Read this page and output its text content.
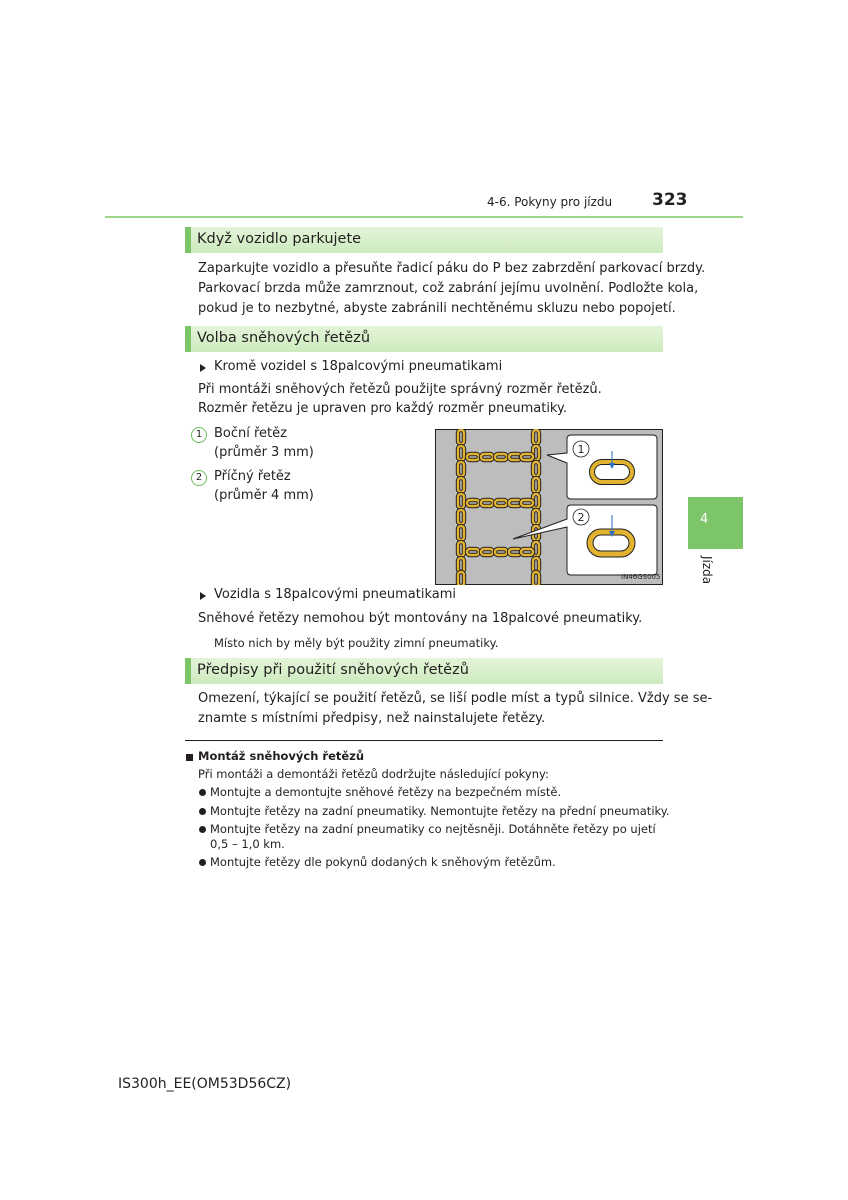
4-6. Pokyny pro jízdu 323
4
Jízda
Když vozidlo parkujete
Zaparkujte vozidlo a přesuňte řadicí páku do P bez zabrzdění parkovací brzdy.
Parkovací brzda může zamrznout, což zabrání jejímu uvolnění. Podložte kola,
pokud je to nezbytné, abyste zabránili nechtěnému skluzu nebo popojetí.
Volba sněhových řetězů
Kromě vozidel s 18palcovými pneumatikami
Při montáži sněhových řetězů použijte správný rozměr řetězů.
Rozměr řetězu je upraven pro každý rozměr pneumatiky.
1 Boční řetěz
(průměr 3 mm)
2 Příčný řetěz
(průměr 4 mm)
1
2
IN46GS005
Vozidla s 18palcovými pneumatikami
Sněhové řetězy nemohou být montovány na 18palcové pneumatiky.
Místo nich by měly být použity zimní pneumatiky.
Předpisy při použití sněhových řetězů
Omezení, týkající se použití řetězů, se liší podle míst a typů silnice. Vždy se se-
znamte s místními předpisy, než nainstalujete řetězy.
Montáž sněhových řetězů
Při montáži a demontáži řetězů dodržujte následující pokyny:
Montujte a demontujte sněhové řetězy na bezpečném místě.
Montujte řetězy na zadní pneumatiky. Nemontujte řetězy na přední pneumatiky.
Montujte řetězy na zadní pneumatiky co nejtěsněji. Dotáhněte řetězy po ujetí
0,5 – 1,0 km.
Montujte řetězy dle pokynů dodaných k sněhovým řetězům.
IS300h_EE(OM53D56CZ)
